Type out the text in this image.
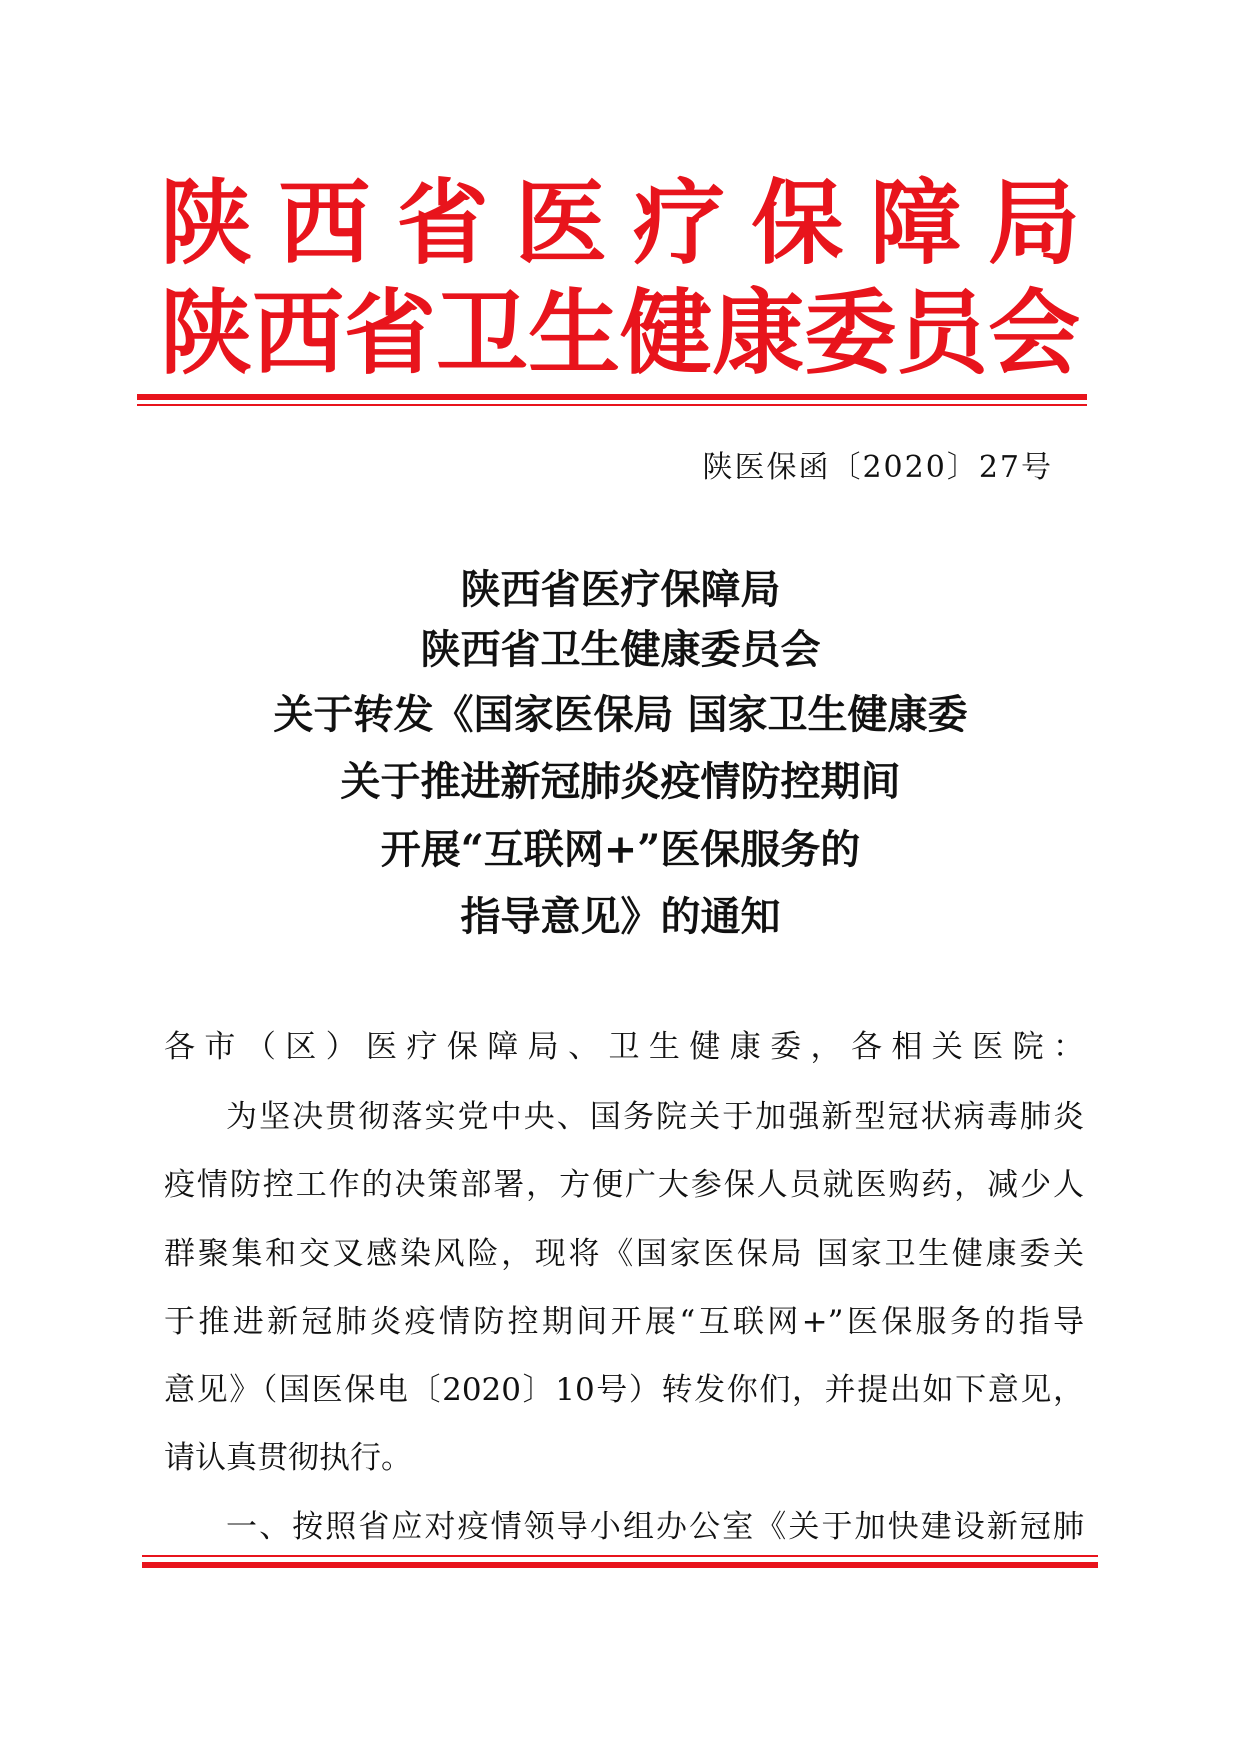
陕 西 省 医 疗 保 障 局
陕 西 省 卫 生 健 康 委 员 会
陕医保函〔2020〕27号
陕西省医疗保障局
陕西省卫生健康委员会
关于转发《国家医保局 国家卫生健康委
关于推进新冠肺炎疫情防控期间
开展“互联网+”医保服务的
指导意见》的通知
各市（区）医疗保障局、卫生健康委，各相关医院：
为坚决贯彻落实党中央、国务院关于加强新型冠状病毒肺炎
疫情防控工作的决策部署，方便广大参保人员就医购药，减少人
群聚集和交叉感染风险，现将《国家医保局 国家卫生健康委关
于推进新冠肺炎疫情防控期间开展“互联网+”医保服务的指导
意见》（国医保电〔2020〕10号）转发你们，并提出如下意见，
请认真贯彻执行。
一、按照省应对疫情领导小组办公室《关于加快建设新冠肺
